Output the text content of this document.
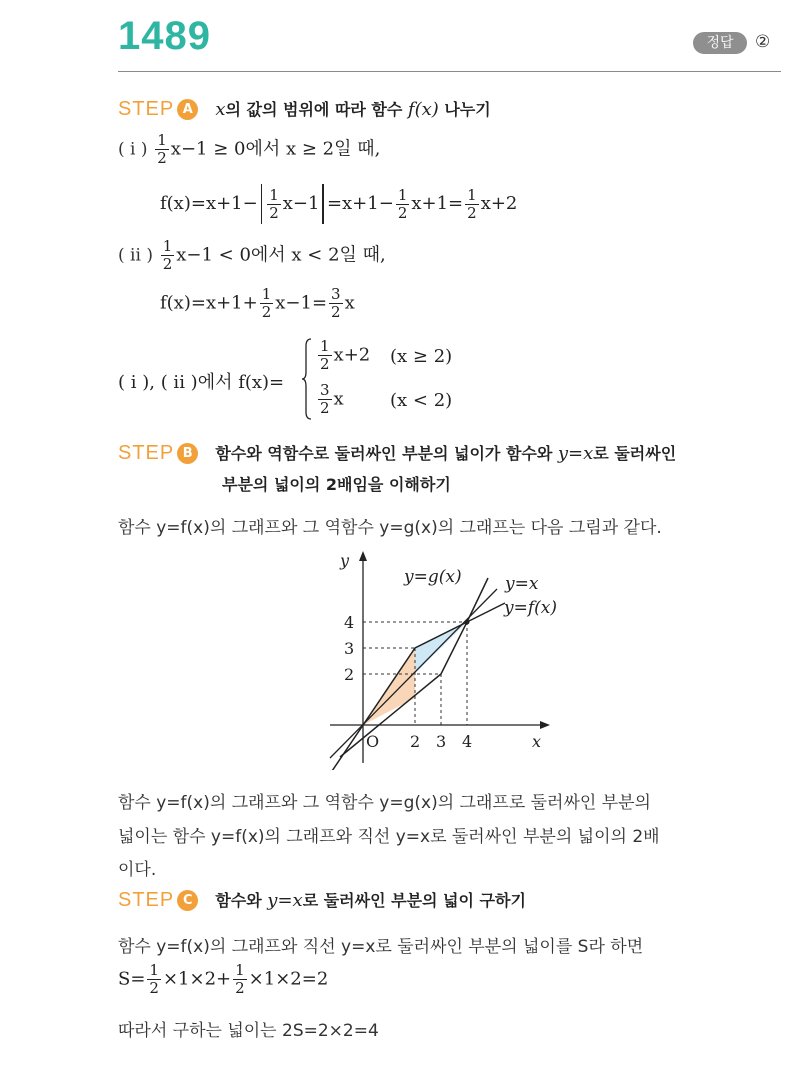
1489	정답	②
STEP A x의 값의 범위에 따라 함수 f(x) 나누기
( i ) $\frac{1}{2} x-1 \ge 0$에서 x ≥ 2일 때,
$f(x)=x+1- \frac{1}{2} x-1 =x+1- \frac{1}{2} x+1= \frac{1}{2} x+2$
( ii ) $\frac{1}{2} x-1 < 0$에서 x < 2일 때,
$f(x)=x+1+ \frac{1}{2} x-1= \frac{3}{2}$ x
( i ), ( ii )에서 f(x)=
$\frac{1}{2} x+2$ (x ≥ 2)
$\frac{3}{2}$ x	(x < 2)
STEP B 함수와 역함수로 둘러싸인 부분의 넓이가 함수와 y=x로 둘러싸인
부분의 넓이의 2배임을 이해하기
함수 y=f(x)의 그래프와 그 역함수 y=g(x)의 그래프는 다음 그림과 같다.
y=g(x)	y=x
y=f(x)
y
x
O 2 3 4
4
3
2
함수 y=f(x)의 그래프와 그 역함수 y=g(x)의 그래프로 둘러싸인 부분의
넓이는 함수 y=f(x)의 그래프와 직선 y=x로 둘러싸인 부분의 넓이의 2배
이다.
STEP C 함수와 y=x로 둘러싸인 부분의 넓이 구하기
함수 y=f(x)의 그래프와 직선 y=x로 둘러싸인 부분의 넓이를 S라 하면
$S= \frac{1}{2} \times 1\times 2+ \frac{1}{2} \times 1\times 2=2$
따라서 구하는 넓이는 2S=2×2=4
